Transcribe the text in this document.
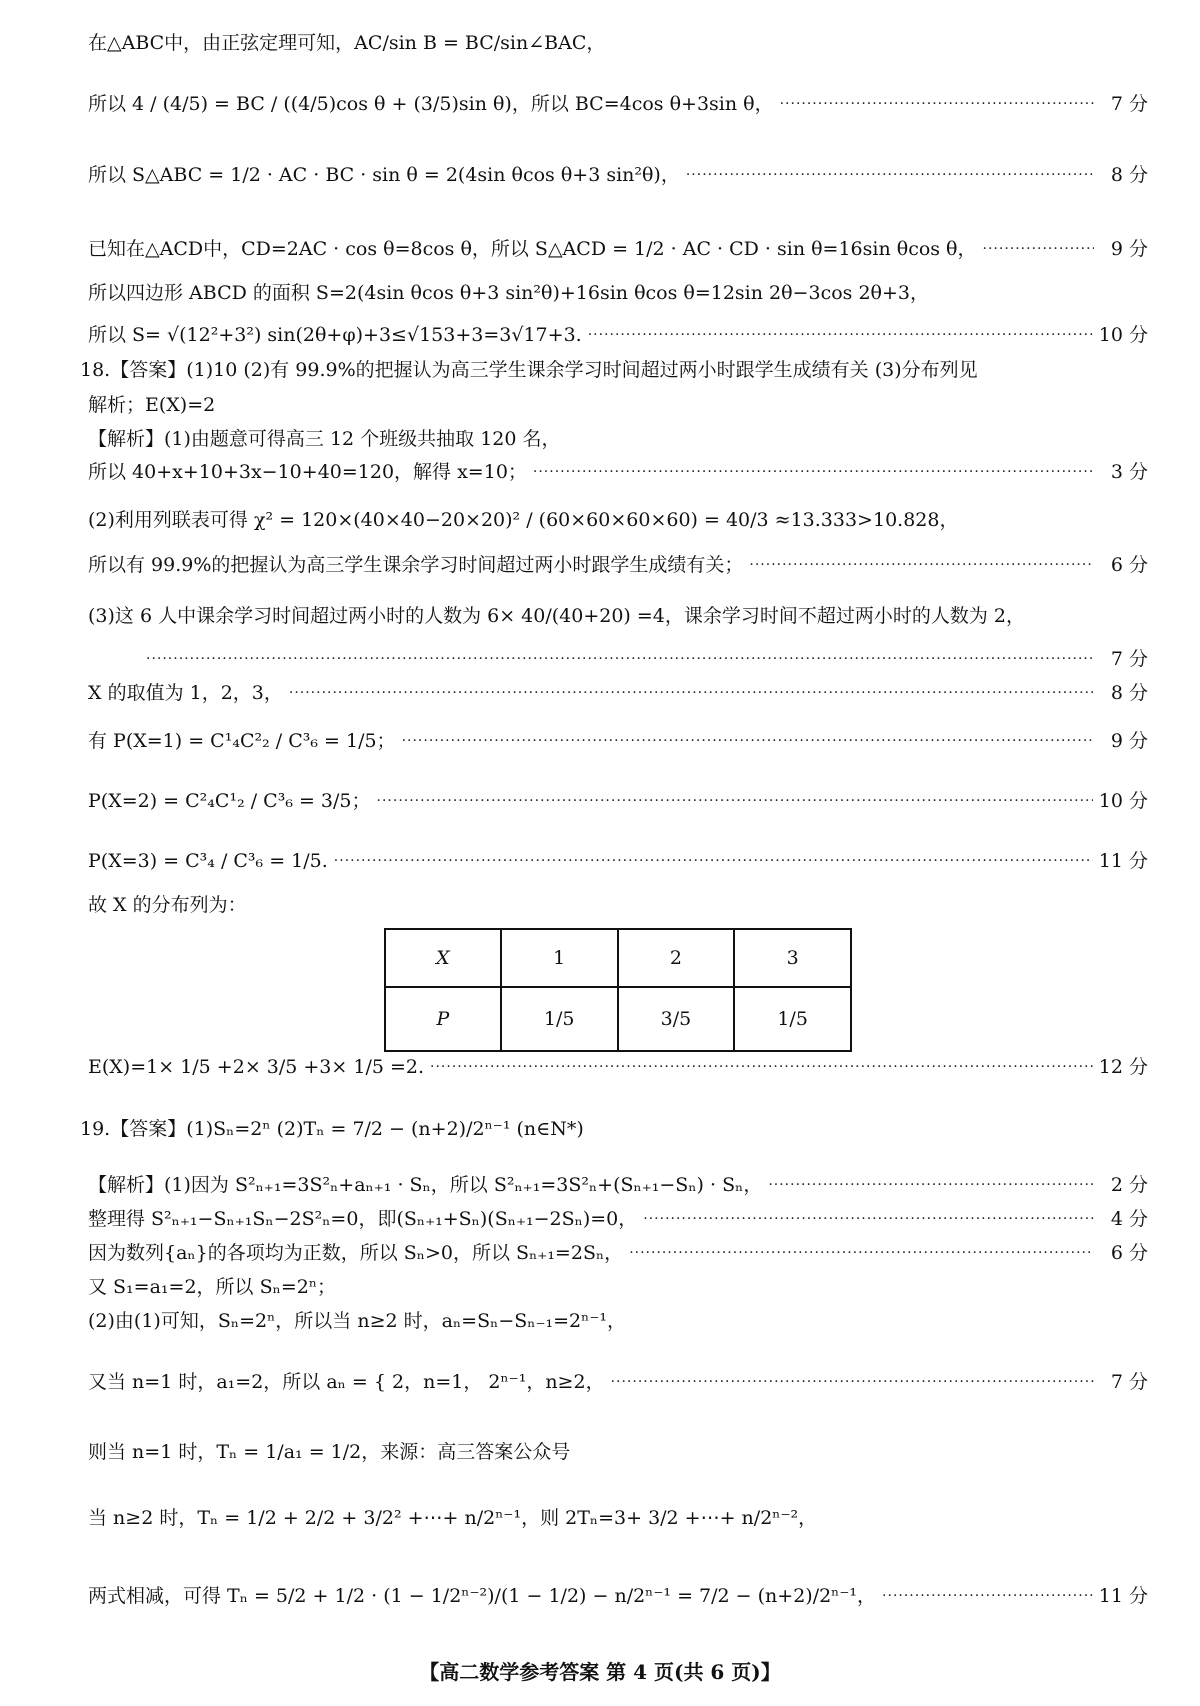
在△ABC中，由正弦定理可知，AC/sin B = BC/sin∠BAC，
所以 4 / (4/5) = BC / ((4/5)cos θ + (3/5)sin θ)，所以 BC=4cos θ+3sin θ， ·····	7 分
所以 S△ABC = 1/2 · AC · BC · sin θ = 2(4sin θcos θ+3 sin²θ)， ·····	8 分
已知在△ACD中，CD=2AC · cos θ=8cos θ，所以 S△ACD = 1/2 · AC · CD · sin θ=16sin θcos θ， ·····	9 分
所以四边形 ABCD 的面积 S=2(4sin θcos θ+3 sin²θ)+16sin θcos θ=12sin 2θ−3cos 2θ+3，
所以 S= √(12²+3²) sin(2θ+φ)+3≤√153+3=3√17+3. ·····	10 分
18.【答案】(1)10 (2)有 99.9%的把握认为高三学生课余学习时间超过两小时跟学生成绩有关 (3)分布列见
解析；E(X)=2
【解析】(1)由题意可得高三 12 个班级共抽取 120 名，
所以 40+x+10+3x−10+40=120，解得 x=10； ·····	3 分
(2)利用列联表可得 χ² = 120×(40×40−20×20)² / (60×60×60×60) = 40/3 ≈13.333>10.828，
所以有 99.9%的把握认为高三学生课余学习时间超过两小时跟学生成绩有关； ·····	6 分
(3)这 6 人中课余学习时间超过两小时的人数为 6× 40/(40+20) =4，课余学习时间不超过两小时的人数为 2，
·····
7 分
X 的取值为 1，2，3， ·····	8 分
有 P(X=1) = C¹₄C²₂ / C³₆ = 1/5； ·····	9 分
P(X=2) = C²₄C¹₂ / C³₆ = 3/5； ·····	10 分
P(X=3) = C³₄ / C³₆ = 1/5. ·····	11 分
故 X 的分布列为：
X	1	2	3
P	1/5	3/5	1/5
E(X)=1× 1/5 +2× 3/5 +3× 1/5 =2. ·····	12 分
19.【答案】(1)Sₙ=2ⁿ (2)Tₙ = 7/2 − (n+2)/2ⁿ⁻¹ (n∈N*)
【解析】(1)因为 S²ₙ₊₁=3S²ₙ+aₙ₊₁ · Sₙ，所以 S²ₙ₊₁=3S²ₙ+(Sₙ₊₁−Sₙ) · Sₙ， ·····	2 分
整理得 S²ₙ₊₁−Sₙ₊₁Sₙ−2S²ₙ=0，即(Sₙ₊₁+Sₙ)(Sₙ₊₁−2Sₙ)=0， ·····	4 分
因为数列{aₙ}的各项均为正数，所以 Sₙ>0，所以 Sₙ₊₁=2Sₙ， ·····	6 分
又 S₁=a₁=2，所以 Sₙ=2ⁿ；
(2)由(1)可知，Sₙ=2ⁿ，所以当 n≥2 时，aₙ=Sₙ−Sₙ₋₁=2ⁿ⁻¹，
又当 n=1 时，a₁=2，所以 aₙ = { 2，n=1， 2ⁿ⁻¹，n≥2， ·····	7 分
则当 n=1 时，Tₙ = 1/a₁ = 1/2，来源：高三答案公众号
当 n≥2 时，Tₙ = 1/2 + 2/2 + 3/2² +⋯+ n/2ⁿ⁻¹，则 2Tₙ=3+ 3/2 +⋯+ n/2ⁿ⁻²，
两式相减，可得 Tₙ = 5/2 + 1/2 · (1 − 1/2ⁿ⁻²)/(1 − 1/2) − n/2ⁿ⁻¹ = 7/2 − (n+2)/2ⁿ⁻¹， ·····	11 分
【高二数学参考答案 第 4 页(共 6 页)】
